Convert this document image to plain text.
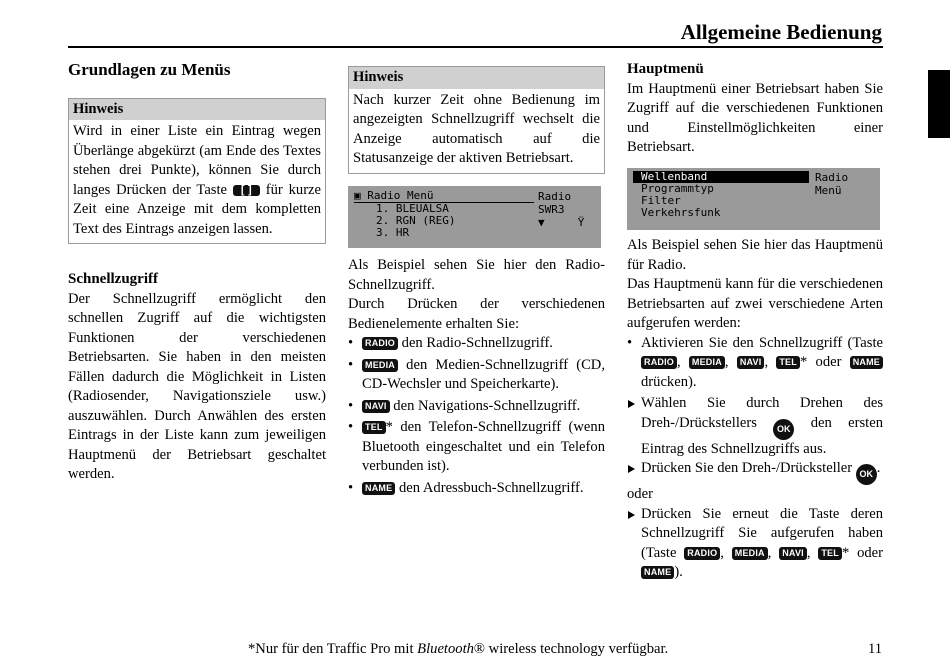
Allgemeine Bedienung
Grundlagen zu Menüs
Hinweis
Wird in einer Liste ein Eintrag wegen Überlänge abgekürzt (am Ende des Textes stehen drei Punkte), können Sie durch langes Drücken der Taste [ ] für kurze Zeit eine Anzeige mit dem kompletten Text des Eintrags anzeigen lassen.
Schnellzugriff
Der Schnellzugriff ermöglicht den schnellen Zugriff auf die wichtigsten Funktionen der verschiedenen Betriebsarten. Sie haben in den meisten Fällen dadurch die Möglichkeit in Listen (Radiosender, Navigationsziele usw.) auszuwählen. Durch Anwählen des ersten Eintrags in der Liste kann zum jeweiligen Hauptmenü der Betriebsart geschaltet werden.
Hinweis
Nach kurzer Zeit ohne Bedienung im angezeigten Schnellzugriff wechselt die Anzeige automatisch auf die Statusanzeige der aktiven Betriebsart.
▣ Radio Menü
1. BLEUALSA
2. RGN (REG)
3. HR
Radio
SWR3
▼     Ÿ
Als Beispiel sehen Sie hier den Radio-Schnellzugriff.
Durch Drücken der verschiedenen Bedienelemente erhalten Sie:
• RADIO den Radio-Schnellzugriff.
• MEDIA den Medien-Schnellzugriff (CD, CD-Wechsler und Speicherkarte).
• NAVI den Navigations-Schnellzugriff.
• TEL * den Telefon-Schnellzugriff (wenn Bluetooth eingeschaltet und ein Telefon verbunden ist).
• NAME den Adressbuch-Schnellzugriff.
Hauptmenü
Im Hauptmenü einer Betriebsart haben Sie Zugriff auf die verschiedenen Funktionen und Einstellmöglichkeiten einer Betriebsart.
Wellenband
Programmtyp
Filter
Verkehrsfunk
Radio
Menü
Als Beispiel sehen Sie hier das Hauptmenü für Radio.
Das Hauptmenü kann für die verschiedenen Betriebsarten auf zwei verschiedene Arten aufgerufen werden:
• Aktivieren Sie den Schnellzugriff (Taste RADIO , MEDIA , NAVI , TEL * oder NAME drücken).
Wählen Sie durch Drehen des Dreh-/Drückstellers OK den ersten Eintrag des Schnellzugriffs aus.
Drücken Sie den Dreh-/Drücksteller OK .
oder
Drücken Sie erneut die Taste deren Schnellzugriff Sie aufgerufen haben (Taste RADIO , MEDIA , NAVI , TEL * oder NAME ).
*Nur für den Traffic Pro mit Bluetooth® wireless technology verfügbar.	11
